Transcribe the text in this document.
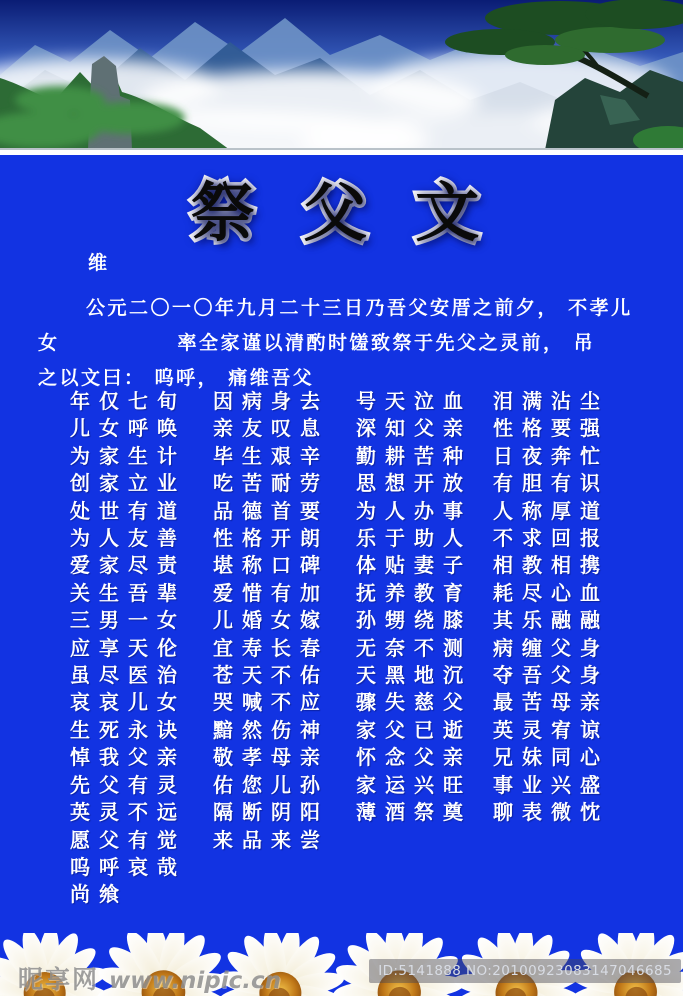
祭 父 文
维
公元二〇一〇年九月二十三日乃吾父安厝之前夕， 不孝儿
女	率全家谨以清酌时馐致祭于先父之灵前， 吊
之以文曰： 呜呼， 痛维吾父
年仅七旬
儿女呼唤
为家生计
创家立业
处世有道
为人友善
爱家尽责
关生吾辈
三男一女
应享天伦
虽尽医治
哀哀儿女
生死永诀
悼我父亲
先父有灵
英灵不远
愿父有觉
呜呼哀哉
尚飨
因病身去
亲友叹息
毕生艰辛
吃苦耐劳
品德首要
性格开朗
堪称口碑
爱惜有加
儿婚女嫁
宜寿长春
苍天不佑
哭喊不应
黯然伤神
敬孝母亲
佑您儿孙
隔断阴阳
来品来尝
号天泣血
深知父亲
勤耕苦种
思想开放
为人办事
乐于助人
体贴妻子
抚养教育
孙甥绕膝
无奈不测
天黑地沉
骤失慈父
家父已逝
怀念父亲
家运兴旺
薄酒祭奠
泪满沾尘
性格要强
日夜奔忙
有胆有识
人称厚道
不求回报
相教相携
耗尽心血
其乐融融
病缠父身
夺吾父身
最苦母亲
英灵宥谅
兄妹同心
事业兴盛
聊表微忱
昵享网 www.nipic.cn	ID:5141888 NO:20100923083147046685
